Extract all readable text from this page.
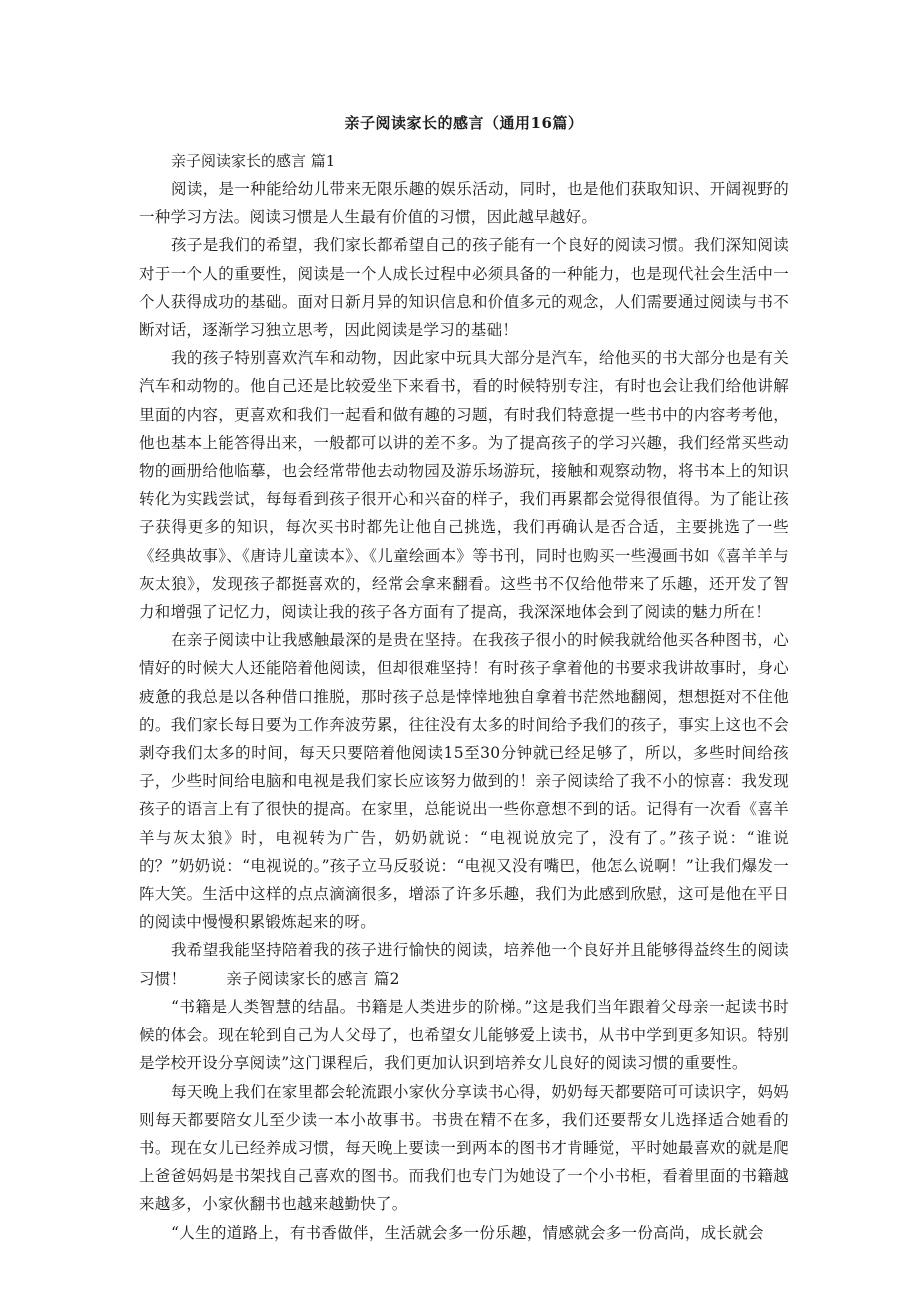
亲子阅读家长的感言（通用16篇）
亲子阅读家长的感言 篇1

阅读，是一种能给幼儿带来无限乐趣的娱乐活动，同时，也是他们获取知识、开阔视野的一种学习方法。阅读习惯是人生最有价值的习惯，因此越早越好。

孩子是我们的希望，我们家长都希望自己的孩子能有一个良好的阅读习惯。我们深知阅读对于一个人的重要性，阅读是一个人成长过程中必须具备的一种能力，也是现代社会生活中一个人获得成功的基础。面对日新月异的知识信息和价值多元的观念，人们需要通过阅读与书不断对话，逐渐学习独立思考，因此阅读是学习的基础！

我的孩子特别喜欢汽车和动物，因此家中玩具大部分是汽车，给他买的书大部分也是有关汽车和动物的。他自己还是比较爱坐下来看书，看的时候特别专注，有时也会让我们给他讲解里面的内容，更喜欢和我们一起看和做有趣的习题，有时我们特意提一些书中的内容考考他，他也基本上能答得出来，一般都可以讲的差不多。为了提高孩子的学习兴趣，我们经常买些动物的画册给他临摹，也会经常带他去动物园及游乐场游玩，接触和观察动物，将书本上的知识转化为实践尝试，每每看到孩子很开心和兴奋的样子，我们再累都会觉得很值得。为了能让孩子获得更多的知识，每次买书时都先让他自己挑选，我们再确认是否合适，主要挑选了一些《经典故事》、《唐诗儿童读本》、《儿童绘画本》等书刊，同时也购买一些漫画书如《喜羊羊与灰太狼》，发现孩子都挺喜欢的，经常会拿来翻看。这些书不仅给他带来了乐趣，还开发了智力和增强了记忆力，阅读让我的孩子各方面有了提高，我深深地体会到了阅读的魅力所在！

在亲子阅读中让我感触最深的是贵在坚持。在我孩子很小的时候我就给他买各种图书，心情好的时候大人还能陪着他阅读，但却很难坚持！有时孩子拿着他的书要求我讲故事时，身心疲惫的我总是以各种借口推脱，那时孩子总是悻悻地独自拿着书茫然地翻阅，想想挺对不住他的。我们家长每日要为工作奔波劳累，往往没有太多的时间给予我们的孩子，事实上这也不会剥夺我们太多的时间，每天只要陪着他阅读15至30分钟就已经足够了，所以，多些时间给孩子，少些时间给电脑和电视是我们家长应该努力做到的！亲子阅读给了我不小的惊喜：我发现孩子的语言上有了很快的提高。在家里，总能说出一些你意想不到的话。记得有一次看《喜羊羊与灰太狼》时，电视转为广告，奶奶就说：“电视说放完了，没有了。”孩子说：“谁说的？”奶奶说：“电视说的。”孩子立马反驳说：“电视又没有嘴巴，他怎么说啊！”让我们爆发一阵大笑。生活中这样的点点滴滴很多，增添了许多乐趣，我们为此感到欣慰，这可是他在平日的阅读中慢慢积累锻炼起来的呀。

我希望我能坚持陪着我的孩子进行愉快的阅读，培养他一个良好并且能够得益终生的阅读习惯！	亲子阅读家长的感言 篇2

“书籍是人类智慧的结晶。书籍是人类进步的阶梯。”这是我们当年跟着父母亲一起读书时候的体会。现在轮到自己为人父母了，也希望女儿能够爱上读书，从书中学到更多知识。特别是学校开设分享阅读”这门课程后，我们更加认识到培养女儿良好的阅读习惯的重要性。

每天晚上我们在家里都会轮流跟小家伙分享读书心得，奶奶每天都要陪可可读识字，妈妈则每天都要陪女儿至少读一本小故事书。书贵在精不在多，我们还要帮女儿选择适合她看的书。现在女儿已经养成习惯，每天晚上要读一到两本的图书才肯睡觉，平时她最喜欢的就是爬上爸爸妈妈是书架找自己喜欢的图书。而我们也专门为她设了一个小书柜，看着里面的书籍越来越多，小家伙翻书也越来越勤快了。

“人生的道路上，有书香做伴，生活就会多一份乐趣，情感就会多一份高尚，成长就会
